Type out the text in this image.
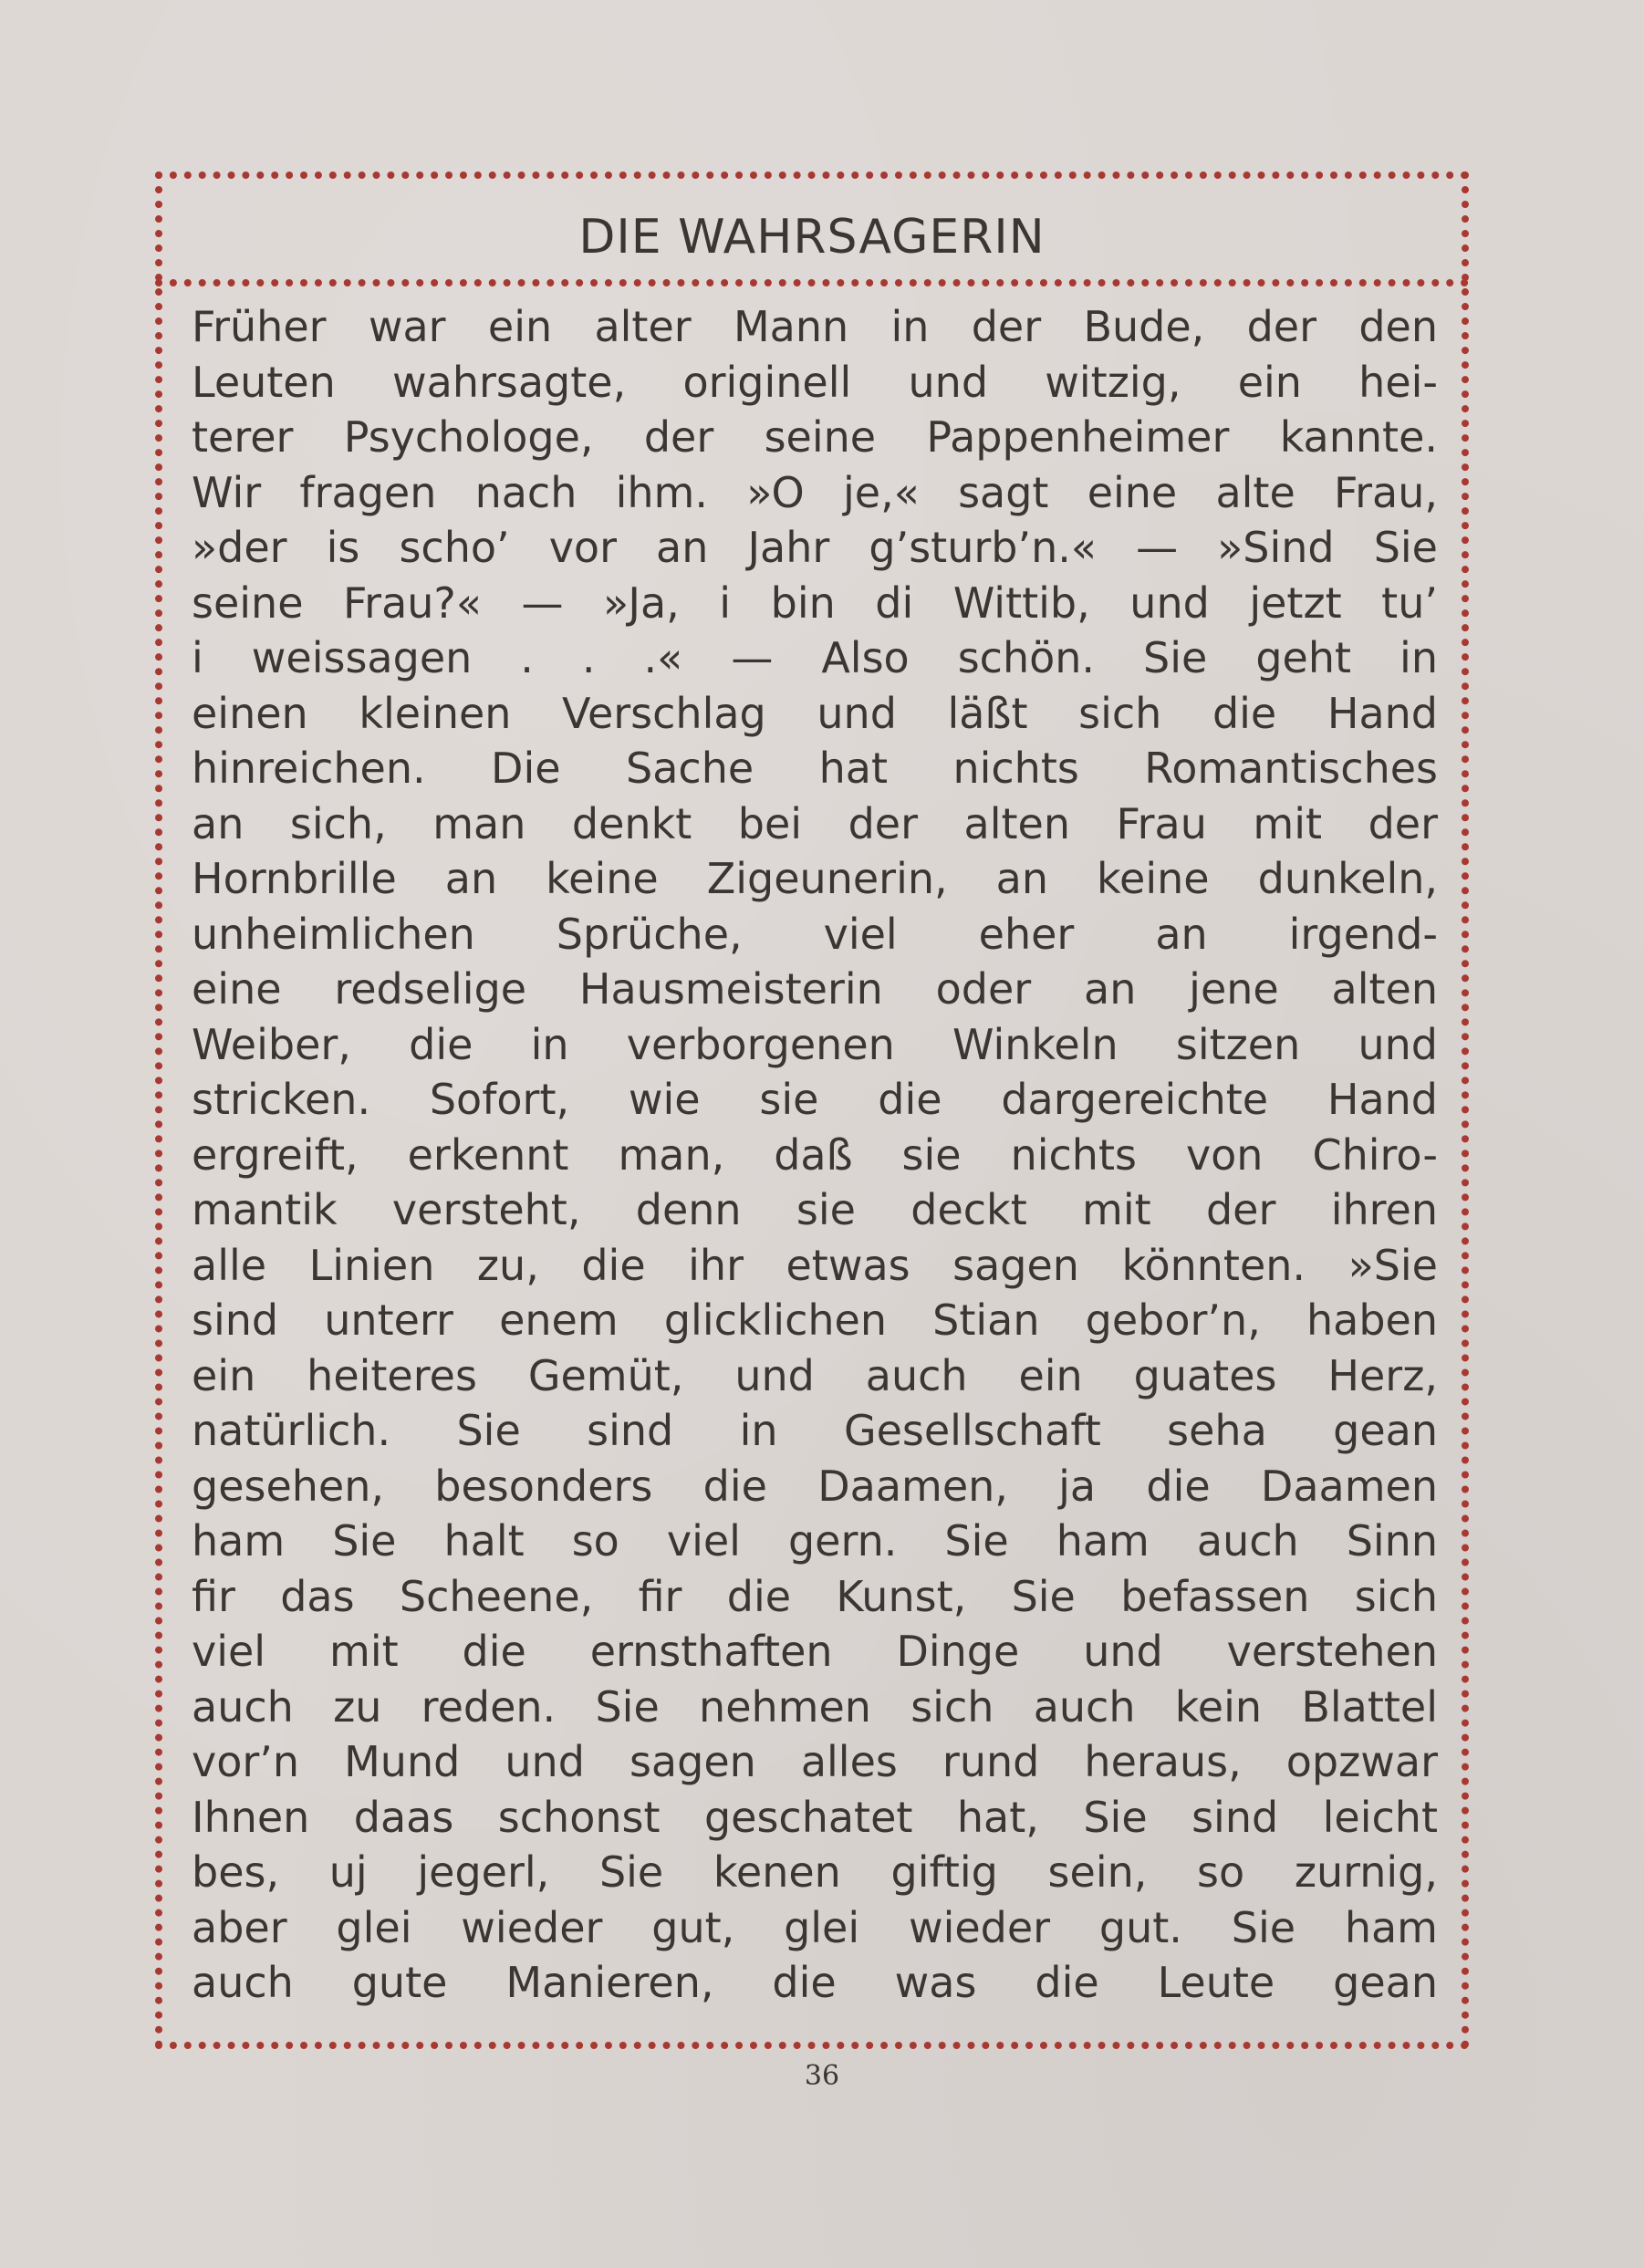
DIE WAHRSAGERIN
Früher war ein alter Mann in der Bude, der den
Leuten wahrsagte, originell und witzig, ein hei-
terer Psychologe, der seine Pappenheimer kannte.
Wir fragen nach ihm. »O je,« sagt eine alte Frau,
»der is scho’ vor an Jahr g’sturb’n.« — »Sind Sie
seine Frau?« — »Ja, i bin di Wittib, und jetzt tu’
i weissagen . . .« — Also schön. Sie geht in
einen kleinen Verschlag und läßt sich die Hand
hinreichen. Die Sache hat nichts Romantisches
an sich, man denkt bei der alten Frau mit der
Hornbrille an keine Zigeunerin, an keine dunkeln,
unheimlichen Sprüche, viel eher an irgend-
eine redselige Hausmeisterin oder an jene alten
Weiber, die in verborgenen Winkeln sitzen und
stricken. Sofort, wie sie die dargereichte Hand
ergreift, erkennt man, daß sie nichts von Chiro-
mantik versteht, denn sie deckt mit der ihren
alle Linien zu, die ihr etwas sagen könnten. »Sie
sind unterr enem glicklichen Stian gebor’n, haben
ein heiteres Gemüt, und auch ein guates Herz,
natürlich. Sie sind in Gesellschaft seha gean
gesehen, besonders die Daamen, ja die Daamen
ham Sie halt so viel gern. Sie ham auch Sinn
fir das Scheene, fir die Kunst, Sie befassen sich
viel mit die ernsthaften Dinge und verstehen
auch zu reden. Sie nehmen sich auch kein Blattel
vor’n Mund und sagen alles rund heraus, opzwar
Ihnen daas schonst geschatet hat, Sie sind leicht
bes, uj jegerl, Sie kenen giftig sein, so zurnig,
aber glei wieder gut, glei wieder gut. Sie ham
auch gute Manieren, die was die Leute gean
36
